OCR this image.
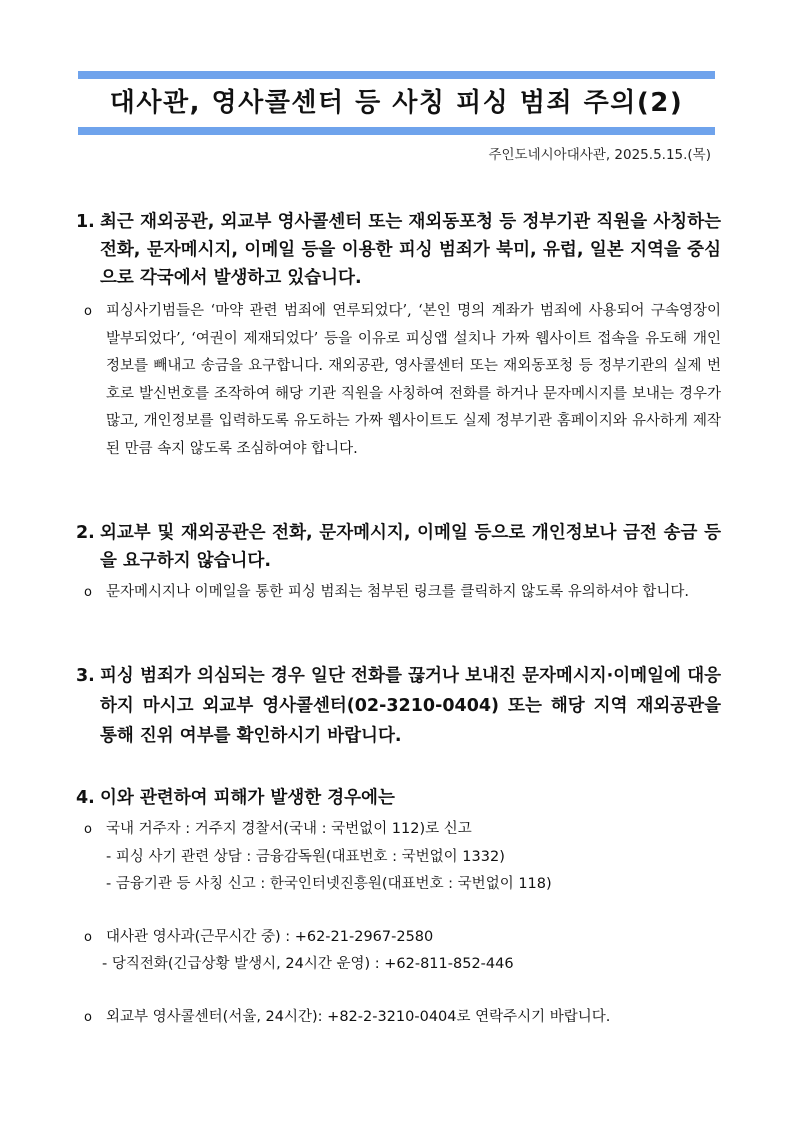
대사관, 영사콜센터 등 사칭 피싱 범죄 주의(2)
주인도네시아대사관, 2025.5.15.(목)
1. 최근 재외공관, 외교부 영사콜센터 또는 재외동포청 등 정부기관 직원을 사칭하는 전화, 문자메시지, 이메일 등을 이용한 피싱 범죄가 북미, 유럽, 일본 지역을 중심으로 각국에서 발생하고 있습니다.
o 피싱사기범들은 ‘마약 관련 범죄에 연루되었다’, ‘본인 명의 계좌가 범죄에 사용되어 구속영장이 발부되었다’, ‘여권이 제재되었다’ 등을 이유로 피싱앱 설치나 가짜 웹사이트 접속을 유도해 개인정보를 빼내고 송금을 요구합니다. 재외공관, 영사콜센터 또는 재외동포청 등 정부기관의 실제 번호로 발신번호를 조작하여 해당 기관 직원을 사칭하여 전화를 하거나 문자메시지를 보내는 경우가 많고, 개인정보를 입력하도록 유도하는 가짜 웹사이트도 실제 정부기관 홈페이지와 유사하게 제작된 만큼 속지 않도록 조심하여야 합니다.
2. 외교부 및 재외공관은 전화, 문자메시지, 이메일 등으로 개인정보나 금전 송금 등을 요구하지 않습니다.
o 문자메시지나 이메일을 통한 피싱 범죄는 첨부된 링크를 클릭하지 않도록 유의하셔야 합니다.
3. 피싱 범죄가 의심되는 경우 일단 전화를 끊거나 보내진 문자메시지·이메일에 대응하지 마시고 외교부 영사콜센터(02-3210-0404) 또는 해당 지역 재외공관을 통해 진위 여부를 확인하시기 바랍니다.
4. 이와 관련하여 피해가 발생한 경우에는
o 국내 거주자 : 거주지 경찰서(국내 : 국번없이 112)로 신고
- 피싱 사기 관련 상담 : 금융감독원(대표번호 : 국번없이 1332)
- 금융기관 등 사칭 신고 : 한국인터넷진흥원(대표번호 : 국번없이 118)
o 대사관 영사과(근무시간 중) : +62-21-2967-2580
- 당직전화(긴급상황 발생시, 24시간 운영) : +62-811-852-446
o 외교부 영사콜센터(서울, 24시간): +82-2-3210-0404로 연락주시기 바랍니다.
